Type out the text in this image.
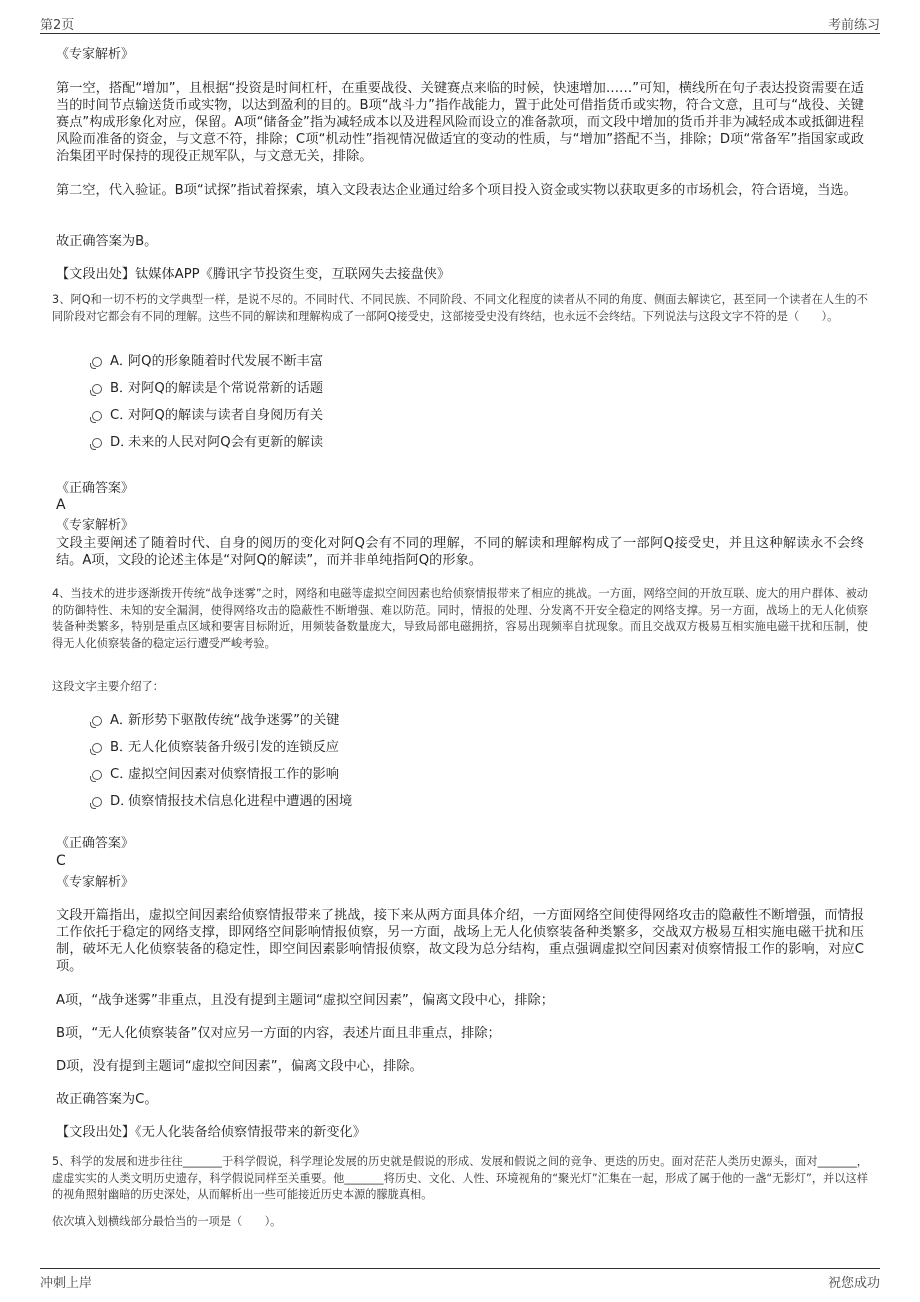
第2页	考前练习

《专家解析》

第一空，搭配“增加”，且根据“投资是时间杠杆，在重要战役、关键赛点来临的时候，快速增加……”可知，横线所在句子表达投资需要在适当的时间节点输送货币或实物，以达到盈利的目的。B项“战斗力”指作战能力，置于此处可借指货币或实物，符合文意，且可与“战役、关键赛点”构成形象化对应，保留。A项“储备金”指为减轻成本以及进程风险而设立的准备款项，而文段中增加的货币并非为减轻成本或抵御进程风险而准备的资金，与文意不符，排除；C项“机动性”指视情况做适宜的变动的性质，与“增加”搭配不当，排除；D项“常备军”指国家或政治集团平时保持的现役正规军队，与文意无关，排除。

第二空，代入验证。B项“试探”指试着探索，填入文段表达企业通过给多个项目投入资金或实物以获取更多的市场机会，符合语境，当选。

故正确答案为B。

【文段出处】钛媒体APP《腾讯字节投资生变，互联网失去接盘侠》

3、阿Q和一切不朽的文学典型一样，是说不尽的。不同时代、不同民族、不同阶段、不同文化程度的读者从不同的角度、侧面去解读它，甚至同一个读者在人生的不同阶段对它都会有不同的理解。这些不同的解读和理解构成了一部阿Q接受史，这部接受史没有终结，也永远不会终结。下列说法与这段文字不符的是（　　）。

A．阿Q的形象随着时代发展不断丰富
B．对阿Q的解读是个常说常新的话题
C．对阿Q的解读与读者自身阅历有关
D．未来的人民对阿Q会有更新的解读

《正确答案》

A

《专家解析》

文段主要阐述了随着时代、自身的阅历的变化对阿Q会有不同的理解，不同的解读和理解构成了一部阿Q接受史，并且这种解读永不会终结。A项，文段的论述主体是“对阿Q的解读”，而并非单纯指阿Q的形象。

4、当技术的进步逐渐拨开传统“战争迷雾”之时，网络和电磁等虚拟空间因素也给侦察情报带来了相应的挑战。一方面，网络空间的开放互联、庞大的用户群体、被动的防御特性、未知的安全漏洞，使得网络攻击的隐蔽性不断增强、难以防范。同时，情报的处理、分发离不开安全稳定的网络支撑。另一方面，战场上的无人化侦察装备种类繁多，特别是重点区域和要害目标附近，用频装备数量庞大，导致局部电磁拥挤，容易出现频率自扰现象。而且交战双方极易互相实施电磁干扰和压制，使得无人化侦察装备的稳定运行遭受严峻考验。

这段文字主要介绍了：

A．新形势下驱散传统“战争迷雾”的关键
B．无人化侦察装备升级引发的连锁反应
C．虚拟空间因素对侦察情报工作的影响
D．侦察情报技术信息化进程中遭遇的困境

《正确答案》

C

《专家解析》

文段开篇指出，虚拟空间因素给侦察情报带来了挑战，接下来从两方面具体介绍，一方面网络空间使得网络攻击的隐蔽性不断增强，而情报工作依托于稳定的网络支撑，即网络空间影响情报侦察，另一方面，战场上无人化侦察装备种类繁多，交战双方极易互相实施电磁干扰和压制，破坏无人化侦察装备的稳定性，即空间因素影响情报侦察，故文段为总分结构，重点强调虚拟空间因素对侦察情报工作的影响，对应C项。

A项，“战争迷雾”非重点，且没有提到主题词“虚拟空间因素”，偏离文段中心，排除；

B项，“无人化侦察装备”仅对应另一方面的内容，表述片面且非重点，排除；

D项，没有提到主题词“虚拟空间因素”，偏离文段中心，排除。

故正确答案为C。

【文段出处】《无人化装备给侦察情报带来的新变化》

5、科学的发展和进步往往_______于科学假说，科学理论发展的历史就是假说的形成、发展和假说之间的竞争、更迭的历史。面对茫茫人类历史源头，面对_______，虚虚实实的人类文明历史遗存，科学假说同样至关重要。他_______将历史、文化、人性、环境视角的“聚光灯”汇集在一起，形成了属于他的一盏“无影灯”，并以这样的视角照射幽暗的历史深处，从而解析出一些可能接近历史本源的朦胧真相。

依次填入划横线部分最恰当的一项是（　　）。

冲刺上岸	祝您成功
